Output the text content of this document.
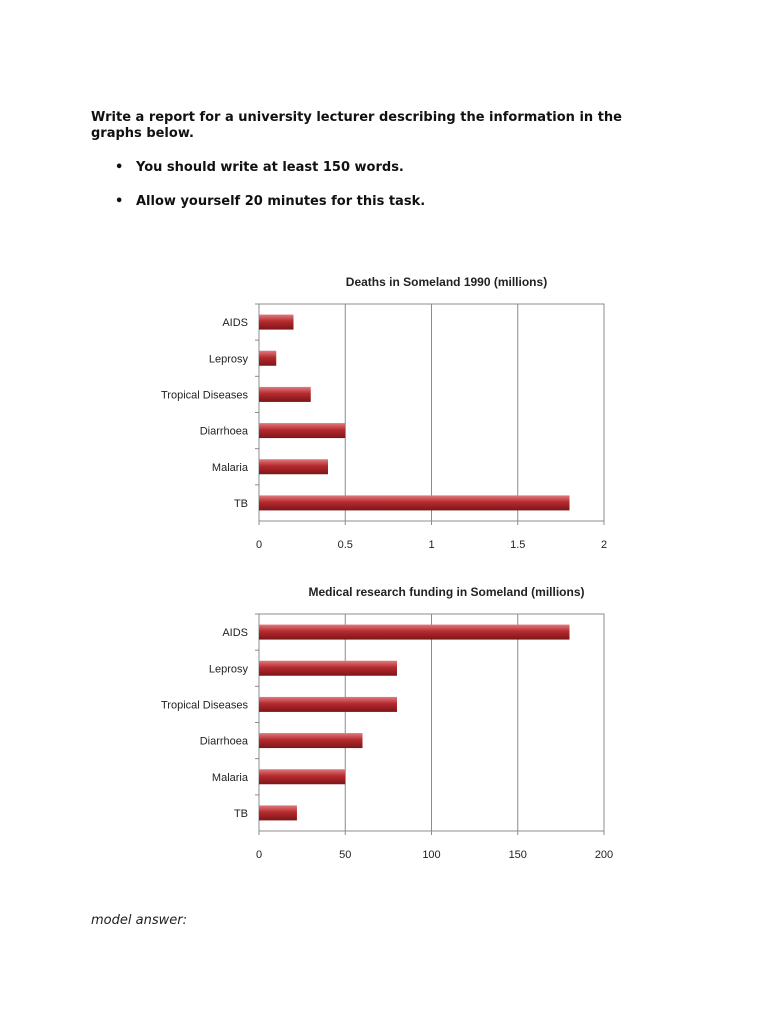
Write a report for a university lecturer describing the information in the graphs below.

• You should write at least 150 words.
• Allow yourself 20 minutes for this task.
Deaths in Someland 1990 (millions)
0	0.5	1	1.5	2
AIDS
Leprosy
Tropical Diseases
Diarrhoea
Malaria
TB
Medical research funding in Someland (millions)
0	50	100	150	200
AIDS
Leprosy
Tropical Diseases
Diarrhoea
Malaria
TB

model answer:
